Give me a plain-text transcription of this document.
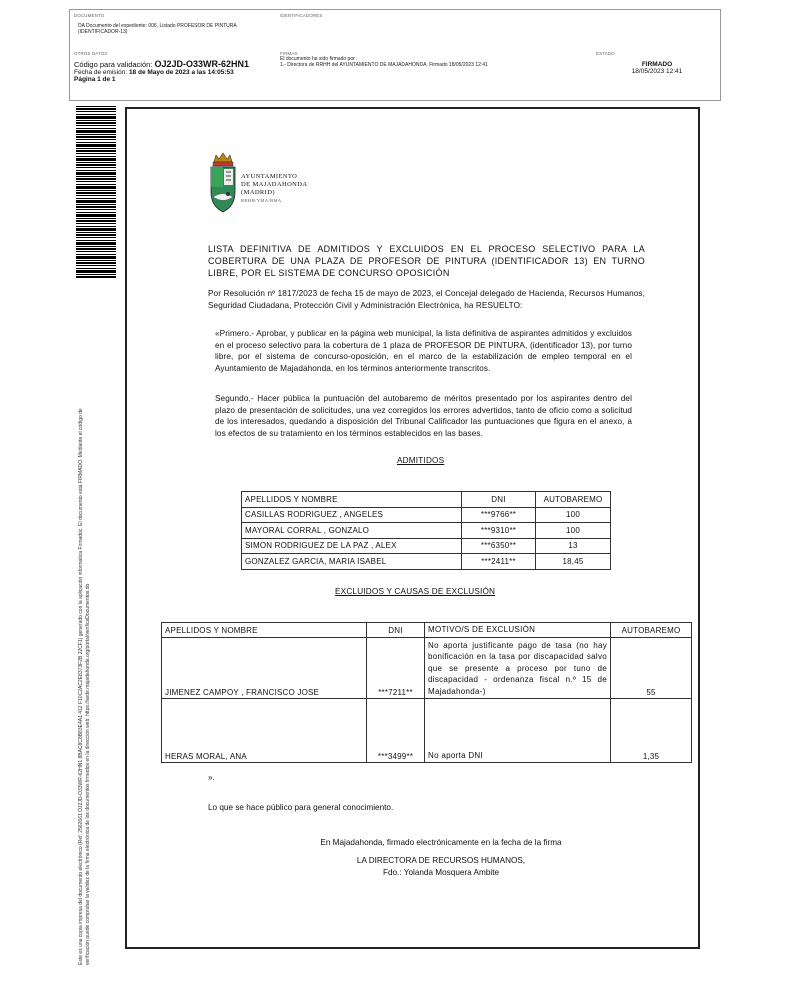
DOCUMENTO
DA Documento del expediente: 006, Listado PROFESOR DE PINTURA
(IDENTIFICADOR-13)
IDENTIFICADORES
OTROS DATOS
Código para validación: OJ2JD-O33WR-62HN1
Fecha de emisión: 18 de Mayo de 2023 a las 14:05:53
Página 1 de 1
FIRMAS
El documento ha sido firmado por :
1.- Directora de RRHH del AYUNTAMIENTO DE MAJADAHONDA. Firmado 18/05/2023 12:41
ESTADO
FIRMADO
18/05/2023 12:41
Este es una copia impresa del documento electrónico (Ref: 2562661 OJ2JD-O33WR-62HN1 8BAC8C8B83E4A1 412 F10C2AC2E8373F2B 22CF1) generado con la aplicación informática Firmadoc. El documento está FIRMADO. Mediante el código de verificación puede comprobar la validez de la firma electrónica de los documentos firmados en la dirección web: https://sede.majadahonda.org/portal/verificaDocumentos.do
AYUNTAMIENTO
DE MAJADAHONDA
(MADRID)
RRHH/YMA/BMA
LISTA DEFINITIVA DE ADMITIDOS Y EXCLUIDOS EN EL PROCESO SELECTIVO PARA LA COBERTURA DE UNA PLAZA DE PROFESOR DE PINTURA (IDENTIFICADOR 13) EN TURNO LIBRE, POR EL SISTEMA DE CONCURSO OPOSICIÓN
Por Resolución nº 1817/2023 de fecha 15 de mayo de 2023, el Concejal delegado de Hacienda, Recursos Humanos, Seguridad Ciudadana, Protección Civil y Administración Electrónica, ha RESUELTO:
«Primero.- Aprobar, y publicar en la página web municipal, la lista definitiva de aspirantes admitidos y excluidos en el proceso selectivo para la cobertura de 1 plaza de PROFESOR DE PINTURA, (identificador 13), por turno libre, por el sistema de concurso-oposición, en el marco de la estabilización de empleo temporal en el Ayuntamiento de Majadahonda, en los términos anteriormente transcritos.
Segundo.- Hacer pública la puntuación del autobaremo de méritos presentado por los aspirantes dentro del plazo de presentación de solicitudes, una vez corregidos los errores advertidos, tanto de oficio como a solicitud de los interesados, quedando a disposición del Tribunal Calificador las puntuaciones que figura en el anexo, a los efectos de su tratamiento en los términos establecidos en las bases.
ADMITIDOS
APELLIDOS Y NOMBRE	DNI	AUTOBAREMO
CASILLAS RODRIGUEZ , ANGELES	***9766**	100
MAYORAL CORRAL , GONZALO	***9310**	100
SIMON RODRIGUEZ DE LA PAZ , ALEX	***6350**	13
GONZALEZ GARCIA, MARIA ISABEL	***2411**	18,45
EXCLUIDOS Y CAUSAS DE EXCLUSIÓN
APELLIDOS Y NOMBRE	DNI	MOTIVO/S DE EXCLUSIÓN	AUTOBAREMO
JIMENEZ CAMPOY , FRANCISCO JOSE	***7211**	No aporta justificante pago de tasa (no hay bonificación en la tasa por discapacidad salvo que se presente a proceso por tuno de discapacidad - ordenanza fiscal n.º 15 de Majadahonda-)	55
HERAS MORAL, ANA	***3499**	No aporta DNI	1,35
».
Lo que se hace público para general conocimiento.
En Majadahonda, firmado electrónicamente en la fecha de la firma
LA DIRECTORA DE RECURSOS HUMANOS,
Fdo.: Yolanda Mosquera Ambite
